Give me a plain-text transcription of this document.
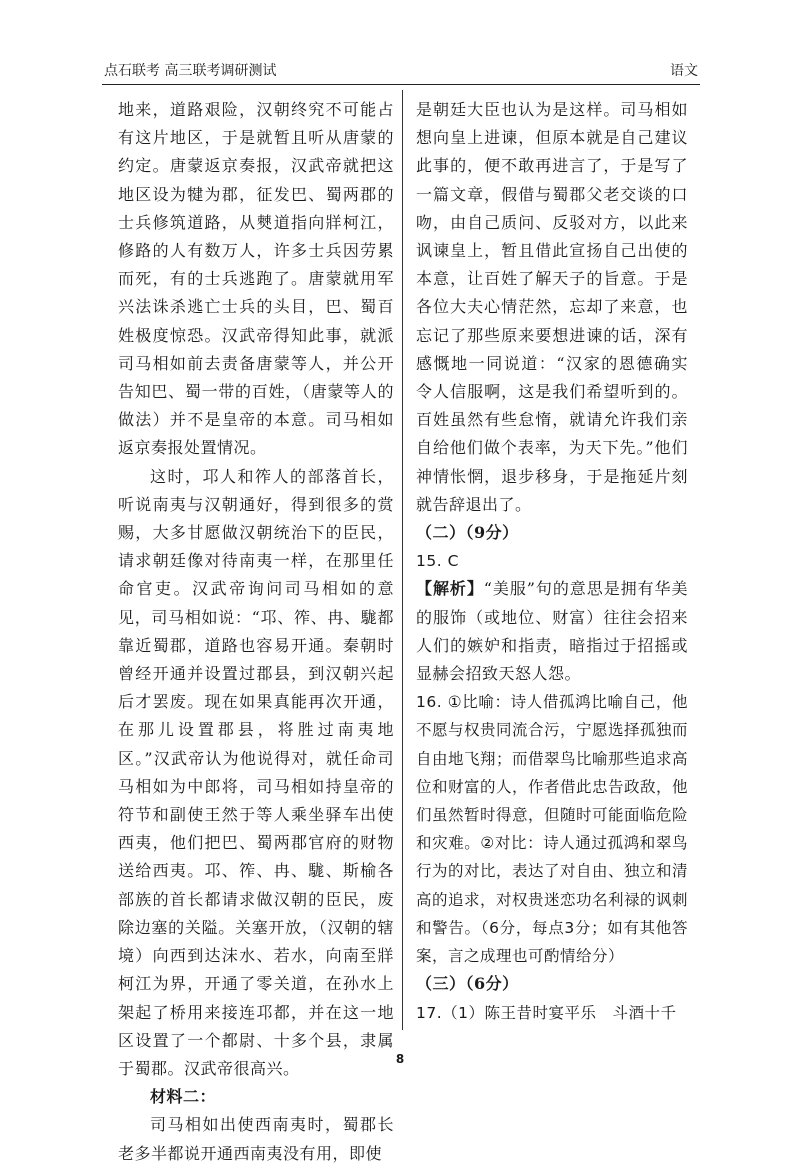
点石联考 高三联考调研测试	语文

地来，道路艰险，汉朝终究不可能占有这片地区，于是就暂且听从唐蒙的约定。唐蒙返京奏报，汉武帝就把这地区设为犍为郡，征发巴、蜀两郡的士兵修筑道路，从僰道指向牂柯江，修路的人有数万人，许多士兵因劳累而死，有的士兵逃跑了。唐蒙就用军兴法诛杀逃亡士兵的头目，巴、蜀百姓极度惊恐。汉武帝得知此事，就派司马相如前去责备唐蒙等人，并公开告知巴、蜀一带的百姓，（唐蒙等人的做法）并不是皇帝的本意。司马相如返京奏报处置情况。

这时，邛人和筰人的部落首长，听说南夷与汉朝通好，得到很多的赏赐，大多甘愿做汉朝统治下的臣民，请求朝廷像对待南夷一样，在那里任命官吏。汉武帝询问司马相如的意见，司马相如说：“邛、筰、冉、駹都靠近蜀郡，道路也容易开通。秦朝时曾经开通并设置过郡县，到汉朝兴起后才罢废。现在如果真能再次开通，在那儿设置郡县，将胜过南夷地区。”汉武帝认为他说得对，就任命司马相如为中郎将，司马相如持皇帝的符节和副使王然于等人乘坐驿车出使西夷，他们把巴、蜀两郡官府的财物送给西夷。邛、筰、冉、駹、斯榆各部族的首长都请求做汉朝的臣民，废除边塞的关隘。关塞开放，（汉朝的辖境）向西到达沫水、若水，向南至牂柯江为界，开通了零关道，在孙水上架起了桥用来接连邛都，并在这一地区设置了一个都尉、十多个县，隶属于蜀郡。汉武帝很高兴。

材料二：

司马相如出使西南夷时，蜀郡长老多半都说开通西南夷没有用，即使

是朝廷大臣也认为是这样。司马相如想向皇上进谏，但原本就是自己建议此事的，便不敢再进言了，于是写了一篇文章，假借与蜀郡父老交谈的口吻，由自己质问、反驳对方，以此来讽谏皇上，暂且借此宣扬自己出使的本意，让百姓了解天子的旨意。于是各位大夫心情茫然，忘却了来意，也忘记了那些原来要想进谏的话，深有感慨地一同说道：“汉家的恩德确实令人信服啊，这是我们希望听到的。百姓虽然有些怠惰，就请允许我们亲自给他们做个表率，为天下先。”他们神情怅惘，退步移身，于是拖延片刻就告辞退出了。

（二）（9分）

15. C

【解析】“美服”句的意思是拥有华美的服饰（或地位、财富）往往会招来人们的嫉妒和指责，暗指过于招摇或显赫会招致天怒人怨。

16. ①比喻：诗人借孤鸿比喻自己，他不愿与权贵同流合污，宁愿选择孤独而自由地飞翔；而借翠鸟比喻那些追求高位和财富的人，作者借此忠告政敌，他们虽然暂时得意，但随时可能面临危险和灾难。②对比：诗人通过孤鸿和翠鸟行为的对比，表达了对自由、独立和清高的追求，对权贵迷恋功名利禄的讽刺和警告。（6分，每点3分；如有其他答案，言之成理也可酌情给分）

（三）（6分）

17.（1）陈王昔时宴平乐　斗酒十千

8
